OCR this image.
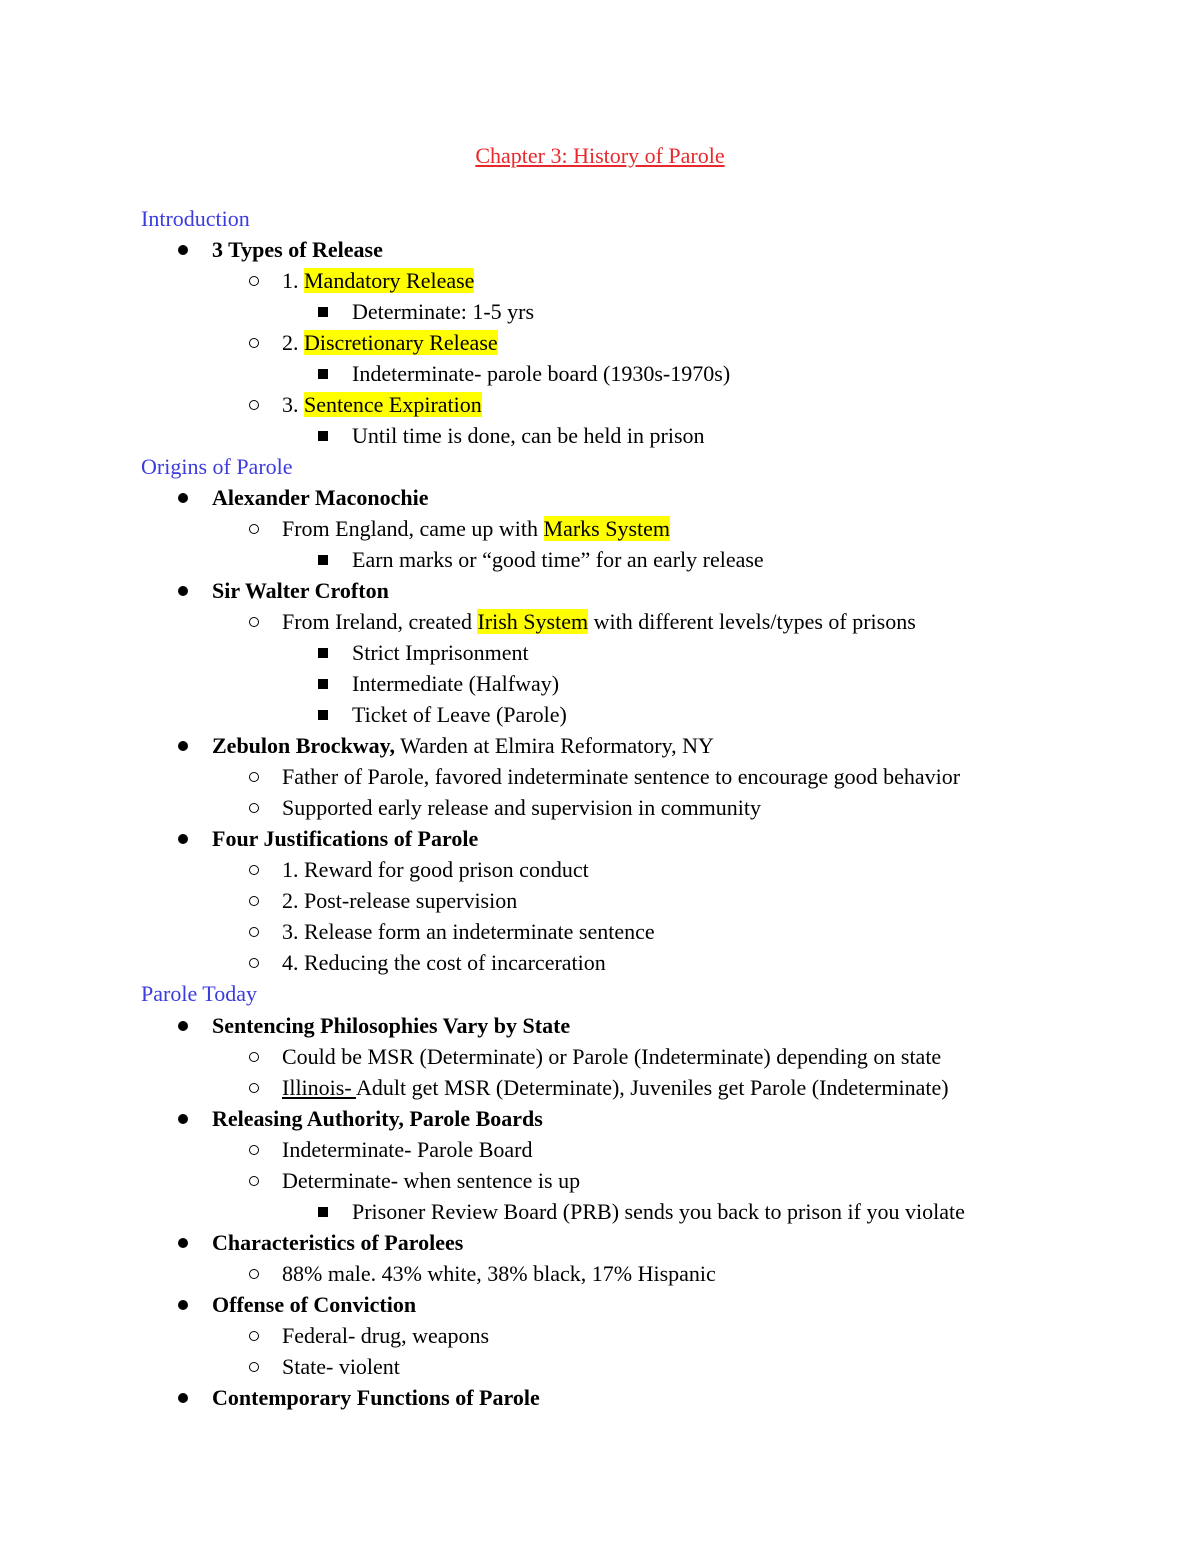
Chapter 3: History of Parole
Introduction
3 Types of Release
1. Mandatory Release
Determinate: 1-5 yrs
2. Discretionary Release
Indeterminate- parole board (1930s-1970s)
3. Sentence Expiration
Until time is done, can be held in prison
Origins of Parole
Alexander Maconochie
From England, came up with Marks System
Earn marks or “good time” for an early release
Sir Walter Crofton
From Ireland, created Irish System with different levels/types of prisons
Strict Imprisonment
Intermediate (Halfway)
Ticket of Leave (Parole)
Zebulon Brockway, Warden at Elmira Reformatory, NY
Father of Parole, favored indeterminate sentence to encourage good behavior
Supported early release and supervision in community
Four Justifications of Parole
1. Reward for good prison conduct
2. Post-release supervision
3. Release form an indeterminate sentence
4. Reducing the cost of incarceration
Parole Today
Sentencing Philosophies Vary by State
Could be MSR (Determinate) or Parole (Indeterminate) depending on state
Illinois- Adult get MSR (Determinate), Juveniles get Parole (Indeterminate)
Releasing Authority, Parole Boards
Indeterminate- Parole Board
Determinate- when sentence is up
Prisoner Review Board (PRB) sends you back to prison if you violate
Characteristics of Parolees
88% male. 43% white, 38% black, 17% Hispanic
Offense of Conviction
Federal- drug, weapons
State- violent
Contemporary Functions of Parole
